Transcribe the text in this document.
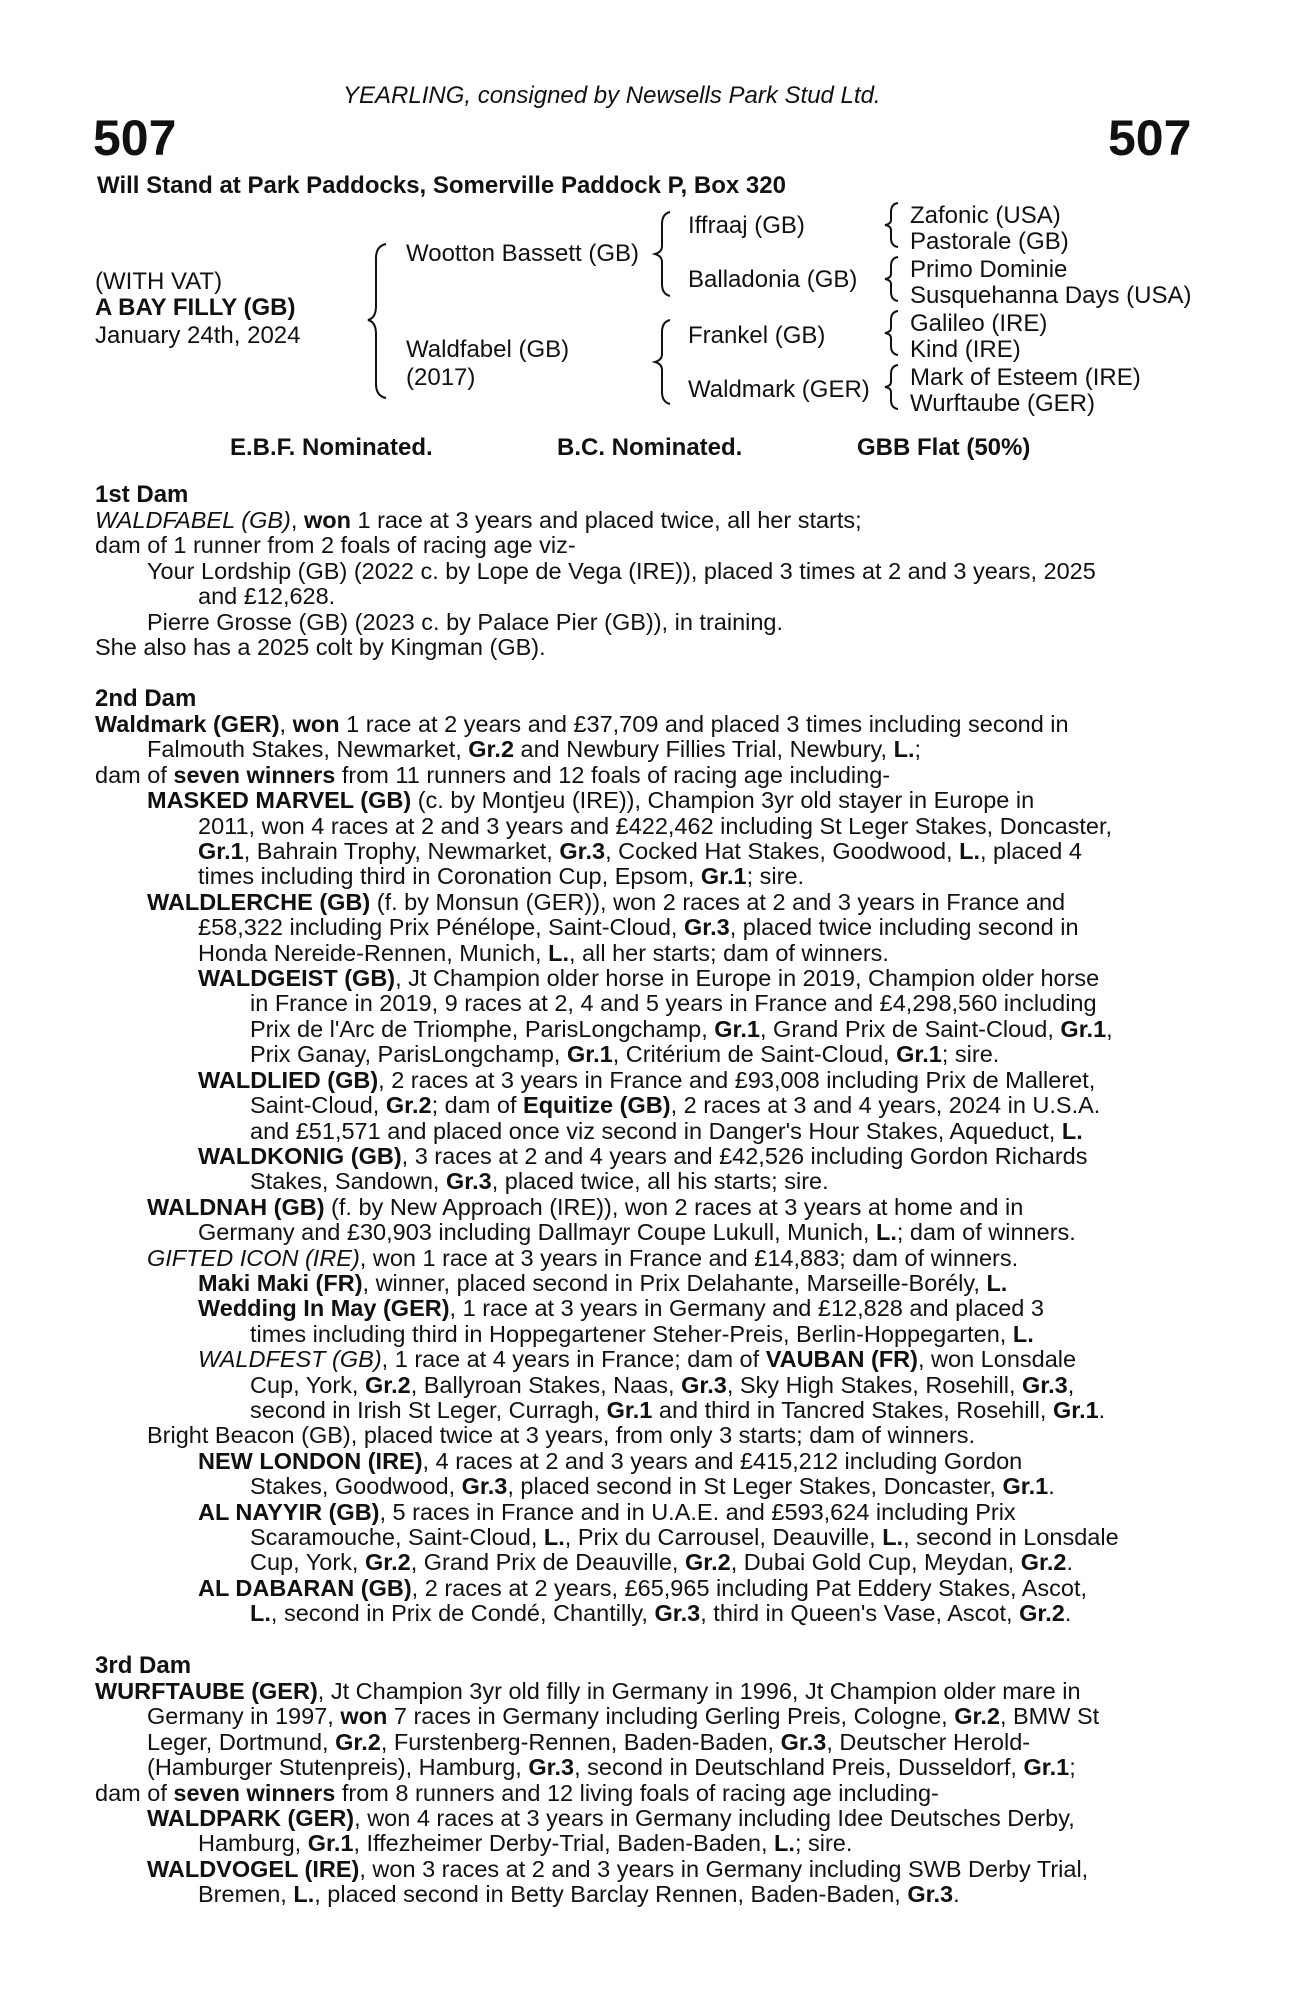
YEARLING, consigned by Newsells Park Stud Ltd.
507	507
Will Stand at Park Paddocks, Somerville Paddock P, Box 320
(WITH VAT)
A BAY FILLY (GB)
January 24th, 2024
Wootton Bassett (GB)
Waldfabel (GB)
(2017)
Iffraaj (GB)
Balladonia (GB)
Frankel (GB)
Waldmark (GER)
Zafonic (USA)
Pastorale (GB)
Primo Dominie
Susquehanna Days (USA)
Galileo (IRE)
Kind (IRE)
Mark of Esteem (IRE)
Wurftaube (GER)
E.B.F. Nominated.	B.C. Nominated.	GBB Flat (50%)
1st Dam
WALDFABEL (GB), won 1 race at 3 years and placed twice, all her starts;
dam of 1 runner from 2 foals of racing age viz-
Your Lordship (GB) (2022 c. by Lope de Vega (IRE)), placed 3 times at 2 and 3 years, 2025
and £12,628.
Pierre Grosse (GB) (2023 c. by Palace Pier (GB)), in training.
She also has a 2025 colt by Kingman (GB).
2nd Dam
Waldmark (GER), won 1 race at 2 years and £37,709 and placed 3 times including second in
Falmouth Stakes, Newmarket, Gr.2 and Newbury Fillies Trial, Newbury, L.;
dam of seven winners from 11 runners and 12 foals of racing age including-
MASKED MARVEL (GB) (c. by Montjeu (IRE)), Champion 3yr old stayer in Europe in
2011, won 4 races at 2 and 3 years and £422,462 including St Leger Stakes, Doncaster,
Gr.1, Bahrain Trophy, Newmarket, Gr.3, Cocked Hat Stakes, Goodwood, L., placed 4
times including third in Coronation Cup, Epsom, Gr.1; sire.
WALDLERCHE (GB) (f. by Monsun (GER)), won 2 races at 2 and 3 years in France and
£58,322 including Prix Pénélope, Saint-Cloud, Gr.3, placed twice including second in
Honda Nereide-Rennen, Munich, L., all her starts; dam of winners.
WALDGEIST (GB), Jt Champion older horse in Europe in 2019, Champion older horse
in France in 2019, 9 races at 2, 4 and 5 years in France and £4,298,560 including
Prix de l'Arc de Triomphe, ParisLongchamp, Gr.1, Grand Prix de Saint-Cloud, Gr.1,
Prix Ganay, ParisLongchamp, Gr.1, Critérium de Saint-Cloud, Gr.1; sire.
WALDLIED (GB), 2 races at 3 years in France and £93,008 including Prix de Malleret,
Saint-Cloud, Gr.2; dam of Equitize (GB), 2 races at 3 and 4 years, 2024 in U.S.A.
and £51,571 and placed once viz second in Danger's Hour Stakes, Aqueduct, L.
WALDKONIG (GB), 3 races at 2 and 4 years and £42,526 including Gordon Richards
Stakes, Sandown, Gr.3, placed twice, all his starts; sire.
WALDNAH (GB) (f. by New Approach (IRE)), won 2 races at 3 years at home and in
Germany and £30,903 including Dallmayr Coupe Lukull, Munich, L.; dam of winners.
GIFTED ICON (IRE), won 1 race at 3 years in France and £14,883; dam of winners.
Maki Maki (FR), winner, placed second in Prix Delahante, Marseille-Borély, L.
Wedding In May (GER), 1 race at 3 years in Germany and £12,828 and placed 3
times including third in Hoppegartener Steher-Preis, Berlin-Hoppegarten, L.
WALDFEST (GB), 1 race at 4 years in France; dam of VAUBAN (FR), won Lonsdale
Cup, York, Gr.2, Ballyroan Stakes, Naas, Gr.3, Sky High Stakes, Rosehill, Gr.3,
second in Irish St Leger, Curragh, Gr.1 and third in Tancred Stakes, Rosehill, Gr.1.
Bright Beacon (GB), placed twice at 3 years, from only 3 starts; dam of winners.
NEW LONDON (IRE), 4 races at 2 and 3 years and £415,212 including Gordon
Stakes, Goodwood, Gr.3, placed second in St Leger Stakes, Doncaster, Gr.1.
AL NAYYIR (GB), 5 races in France and in U.A.E. and £593,624 including Prix
Scaramouche, Saint-Cloud, L., Prix du Carrousel, Deauville, L., second in Lonsdale
Cup, York, Gr.2, Grand Prix de Deauville, Gr.2, Dubai Gold Cup, Meydan, Gr.2.
AL DABARAN (GB), 2 races at 2 years, £65,965 including Pat Eddery Stakes, Ascot,
L., second in Prix de Condé, Chantilly, Gr.3, third in Queen's Vase, Ascot, Gr.2.
3rd Dam
WURFTAUBE (GER), Jt Champion 3yr old filly in Germany in 1996, Jt Champion older mare in
Germany in 1997, won 7 races in Germany including Gerling Preis, Cologne, Gr.2, BMW St
Leger, Dortmund, Gr.2, Furstenberg-Rennen, Baden-Baden, Gr.3, Deutscher Herold-
(Hamburger Stutenpreis), Hamburg, Gr.3, second in Deutschland Preis, Dusseldorf, Gr.1;
dam of seven winners from 8 runners and 12 living foals of racing age including-
WALDPARK (GER), won 4 races at 3 years in Germany including Idee Deutsches Derby,
Hamburg, Gr.1, Iffezheimer Derby-Trial, Baden-Baden, L.; sire.
WALDVOGEL (IRE), won 3 races at 2 and 3 years in Germany including SWB Derby Trial,
Bremen, L., placed second in Betty Barclay Rennen, Baden-Baden, Gr.3.
